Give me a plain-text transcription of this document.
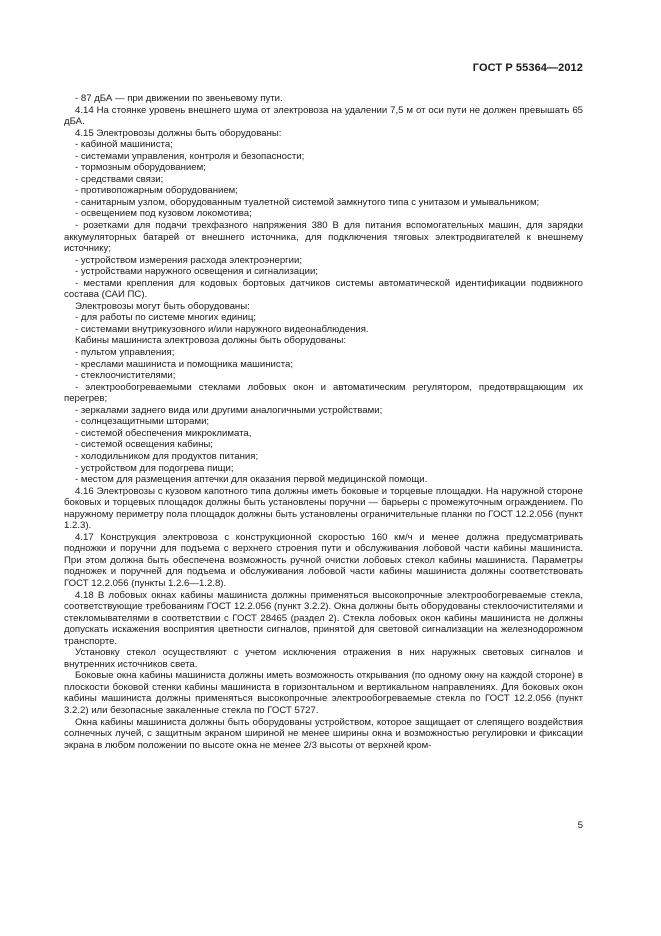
ГОСТ Р 55364—2012

- 87 дБА — при движении по звеньевому пути.

4.14 На стоянке уровень внешнего шума от электровоза на удалении 7,5 м от оси пути не должен превышать 65 дБА.

4.15 Электровозы должны быть оборудованы:

- кабиной машиниста;

- системами управления, контроля и безопасности;

- тормозным оборудованием;

- средствами связи;

- противопожарным оборудованием;

- санитарным узлом, оборудованным туалетной системой замкнутого типа с унитазом и умывальником;

- освещением под кузовом локомотива;

- розетками для подачи трехфазного напряжения 380 В для питания вспомогательных машин, для зарядки аккумуляторных батарей от внешнего источника, для подключения тяговых электродвигателей к внешнему источнику;

- устройством измерения расхода электроэнергии;

- устройствами наружного освещения и сигнализации;

- местами крепления для кодовых бортовых датчиков системы автоматической идентификации подвижного состава (САИ ПС).

Электровозы могут быть оборудованы:

- для работы по системе многих единиц;

- системами внутрикузовного и/или наружного видеонаблюдения.

Кабины машиниста электровоза должны быть оборудованы:

- пультом управления;

- креслами машиниста и помощника машиниста;

- стеклоочистителями;

- электрообогреваемыми стеклами лобовых окон и автоматическим регулятором, предотвращающим их перегрев;

- зеркалами заднего вида или другими аналогичными устройствами;

- солнцезащитными шторами;

- системой обеспечения микроклимата,

- системой освещения кабины;

- холодильником для продуктов питания;

- устройством для подогрева пищи;

- местом для размещения аптечки для оказания первой медицинской помощи.

4.16 Электровозы с кузовом капотного типа должны иметь боковые и торцевые площадки. На наружной стороне боковых и торцевых площадок должны быть установлены поручни — барьеры с промежуточным ограждением. По наружному периметру пола площадок должны быть установлены ограничительные планки по ГОСТ 12.2.056 (пункт 1.2.3).

4.17 Конструкция электровоза с конструкционной скоростью 160 км/ч и менее должна предусматривать подножки и поручни для подъема с верхнего строения пути и обслуживания лобовой части кабины машиниста. При этом должна быть обеспечена возможность ручной очистки лобовых стекол кабины машиниста. Параметры подножек и поручней для подъема и обслуживания лобовой части кабины машиниста должны соответствовать ГОСТ 12.2.056 (пункты 1.2.6—1.2.8).

4.18 В лобовых окнах кабины машиниста должны применяться высокопрочные электрообогреваемые стекла, соответствующие требованиям ГОСТ 12.2.056 (пункт 3.2.2). Окна должны быть оборудованы стеклоочистителями и стекломывателями в соответствии с ГОСТ 28465 (раздел 2). Стекла лобовых окон кабины машиниста не должны допускать искажения восприятия цветности сигналов, принятой для световой сигнализации на железнодорожном транспорте.

Установку стекол осуществляют с учетом исключения отражения в них наружных световых сигналов и внутренних источников света.

Боковые окна кабины машиниста должны иметь возможность открывания (по одному окну на каждой стороне) в плоскости боковой стенки кабины машиниста в горизонтальном и вертикальном направлениях. Для боковых окон кабины машиниста должны применяться высокопрочные электрообогреваемые стекла по ГОСТ 12.2.056 (пункт 3.2.2) или безопасные закаленные стекла по ГОСТ 5727.

Окна кабины машиниста должны быть оборудованы устройством, которое защищает от слепящего воздействия солнечных лучей, с защитным экраном шириной не менее ширины окна и возможностью регулировки и фиксации экрана в любом положении по высоте окна не менее 2/3 высоты от верхней кром-

5
